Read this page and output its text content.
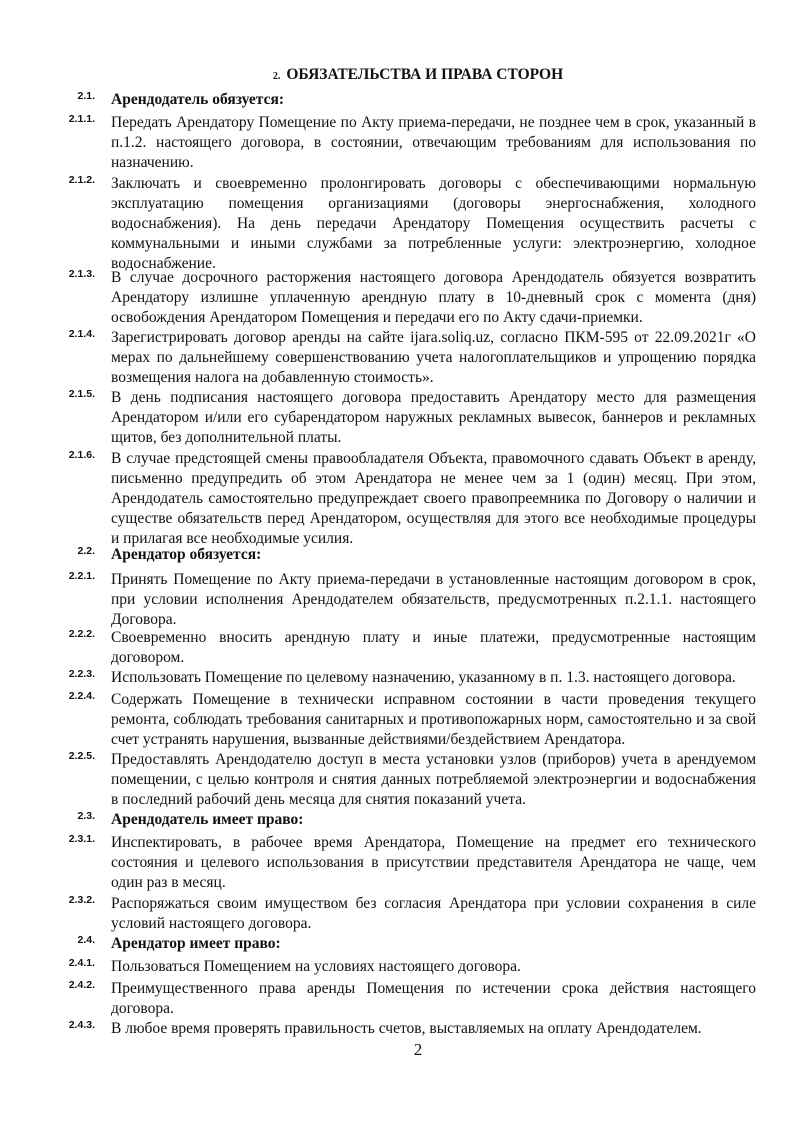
2. ОБЯЗАТЕЛЬСТВА И ПРАВА СТОРОН
2.1. Арендодатель обязуется:
2.1.1. Передать Арендатору Помещение по Акту приема-передачи, не позднее чем в срок, указанный в п.1.2. настоящего договора, в состоянии, отвечающим требованиям для использования по назначению.
2.1.2. Заключать и своевременно пролонгировать договоры с обеспечивающими нормальную эксплуатацию помещения организациями (договоры энергоснабжения, холодного водоснабжения). На день передачи Арендатору Помещения осуществить расчеты с коммунальными и иными службами за потребленные услуги: электроэнергию, холодное водоснабжение.
2.1.3. В случае досрочного расторжения настоящего договора Арендодатель обязуется возвратить Арендатору излишне уплаченную арендную плату в 10-дневный срок с момента (дня) освобождения Арендатором Помещения и передачи его по Акту сдачи-приемки.
2.1.4. Зарегистрировать договор аренды на сайте ijara.soliq.uz, согласно ПКМ-595 от 22.09.2021г «О мерах по дальнейшему совершенствованию учета налогоплательщиков и упрощению порядка возмещения налога на добавленную стоимость».
2.1.5. В день подписания настоящего договора предоставить Арендатору место для размещения Арендатором и/или его субарендатором наружных рекламных вывесок, баннеров и рекламных щитов, без дополнительной платы.
2.1.6. В случае предстоящей смены правообладателя Объекта, правомочного сдавать Объект в аренду, письменно предупредить об этом Арендатора не менее чем за 1 (один) месяц. При этом, Арендодатель самостоятельно предупреждает своего правопреемника по Договору о наличии и существе обязательств перед Арендатором, осуществляя для этого все необходимые процедуры и прилагая все необходимые усилия.
2.2. Арендатор обязуется:
2.2.1. Принять Помещение по Акту приема-передачи в установленные настоящим договором в срок, при условии исполнения Арендодателем обязательств, предусмотренных п.2.1.1. настоящего Договора.
2.2.2. Своевременно вносить арендную плату и иные платежи, предусмотренные настоящим договором.
2.2.3. Использовать Помещение по целевому назначению, указанному в п. 1.3. настоящего договора.
2.2.4. Содержать Помещение в технически исправном состоянии в части проведения текущего ремонта, соблюдать требования санитарных и противопожарных норм, самостоятельно и за свой счет устранять нарушения, вызванные действиями/бездействием Арендатора.
2.2.5. Предоставлять Арендодателю доступ в места установки узлов (приборов) учета в арендуемом помещении, с целью контроля и снятия данных потребляемой электроэнергии и водоснабжения в последний рабочий день месяца для снятия показаний учета.
2.3. Арендодатель имеет право:
2.3.1. Инспектировать, в рабочее время Арендатора, Помещение на предмет его технического состояния и целевого использования в присутствии представителя Арендатора не чаще, чем один раз в месяц.
2.3.2. Распоряжаться своим имуществом без согласия Арендатора при условии сохранения в силе условий настоящего договора.
2.4. Арендатор имеет право:
2.4.1. Пользоваться Помещением на условиях настоящего договора.
2.4.2. Преимущественного права аренды Помещения по истечении срока действия настоящего договора.
2.4.3. В любое время проверять правильность счетов, выставляемых на оплату Арендодателем.
2
